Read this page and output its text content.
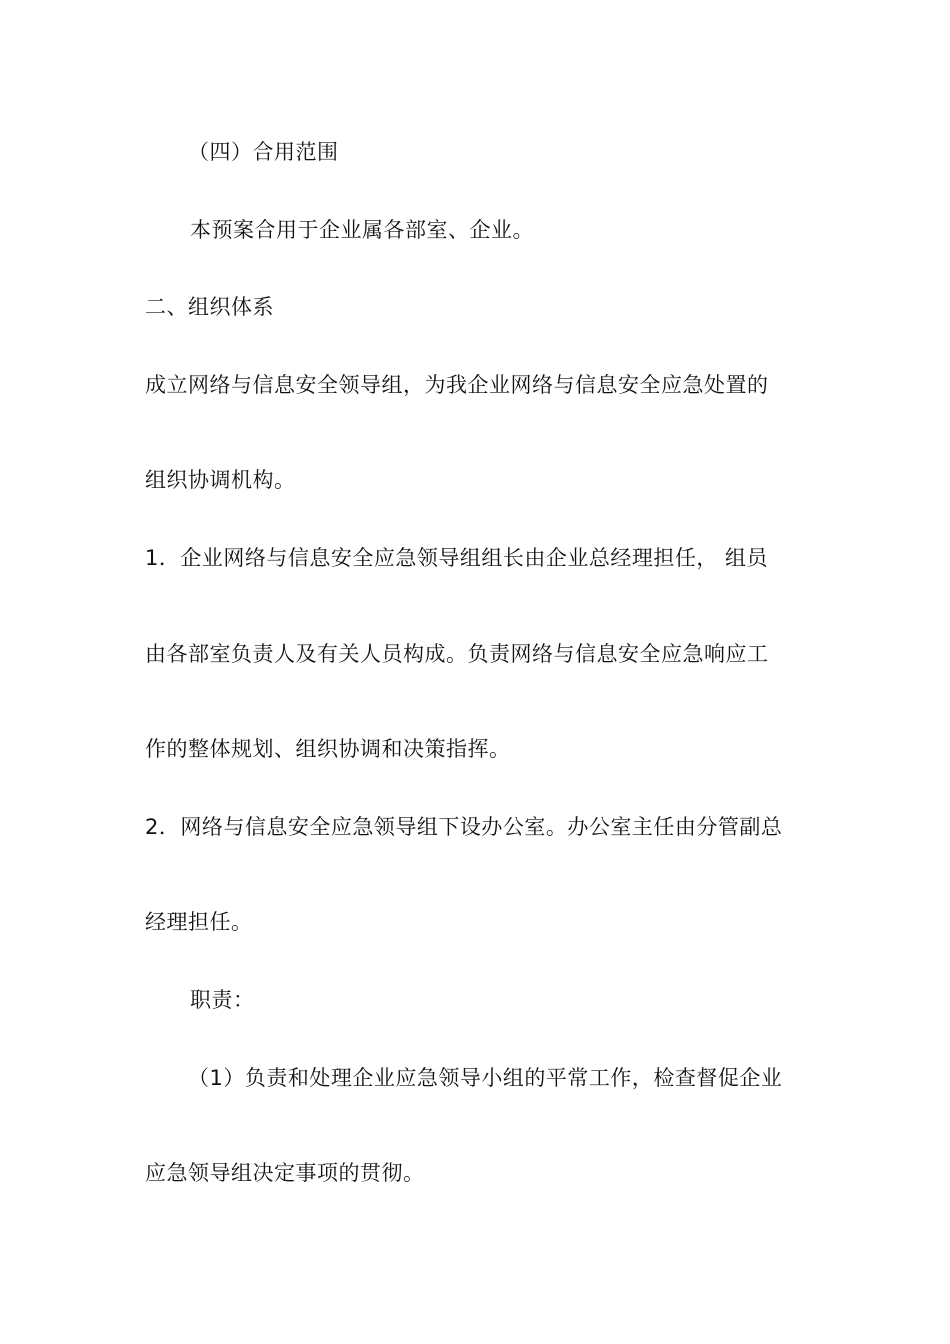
（四）合用范围
本预案合用于企业属各部室、企业。
二、组织体系
成立网络与信息安全领导组，为我企业网络与信息安全应急处置的
组织协调机构。
1．企业网络与信息安全应急领导组组长由企业总经理担任， 组员
由各部室负责人及有关人员构成。负责网络与信息安全应急响应工
作的整体规划、组织协调和决策指挥。
2．网络与信息安全应急领导组下设办公室。办公室主任由分管副总
经理担任。
职责：
（1）负责和处理企业应急领导小组的平常工作，检查督促企业
应急领导组决定事项的贯彻。
